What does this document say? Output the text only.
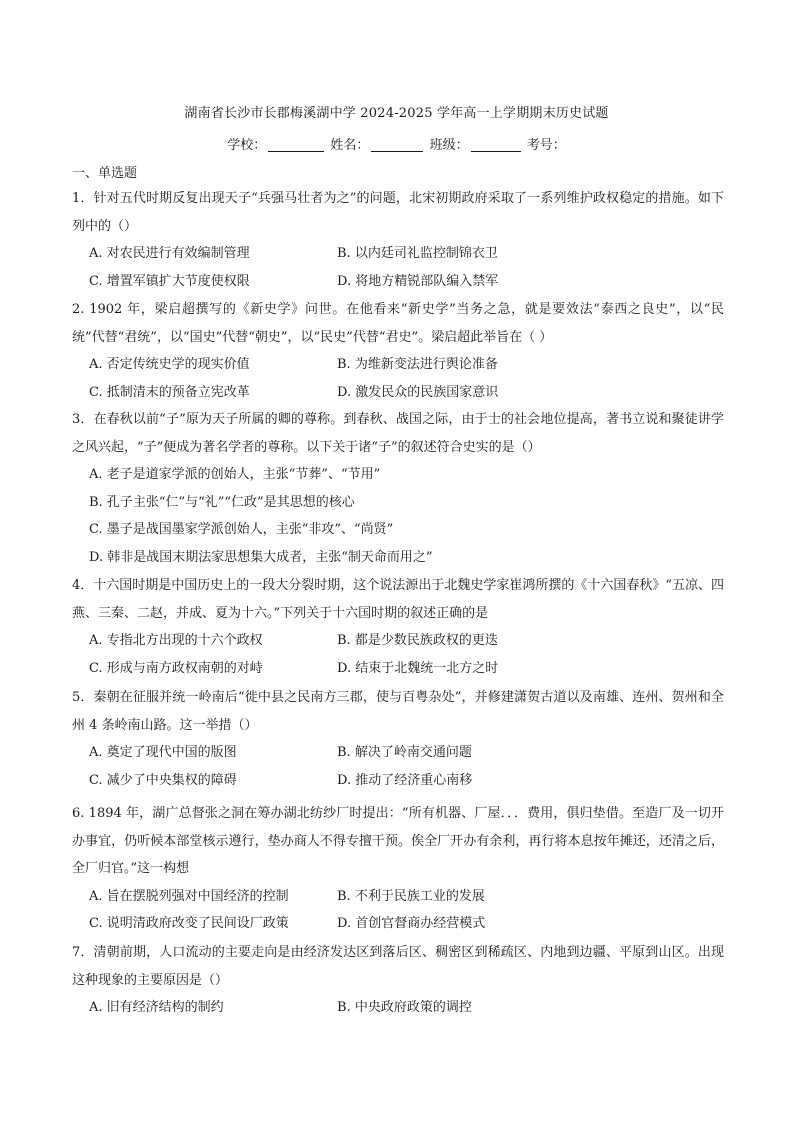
湖南省长沙市长郡梅溪湖中学 2024-2025 学年高一上学期期末历史试题
学校：	姓名：	班级：	考号：
一、单选题
1．针对五代时期反复出现天子“兵强马壮者为之”的问题，北宋初期政府采取了一系列维护政权稳定的措施。如下列中的（）
A. 对农民进行有效编制管理	B. 以内廷司礼监控制锦衣卫
C. 增置军镇扩大节度使权限	D. 将地方精锐部队编入禁军
2. 1902 年，梁启超撰写的《新史学》问世。在他看来“新史学”当务之急，就是要效法“泰西之良史”，以“民统”代替“君统”，以“国史”代替“朝史”，以“民史”代替“君史”。梁启超此举旨在（ ）
A. 否定传统史学的现实价值	B. 为维新变法进行舆论准备
C. 抵制清末的预备立宪改革	D. 激发民众的民族国家意识
3．在春秋以前“子”原为天子所属的卿的尊称。到春秋、战国之际，由于士的社会地位提高，著书立说和聚徒讲学之风兴起，“子”便成为著名学者的尊称。以下关于诸“子”的叙述符合史实的是（）
A. 老子是道家学派的创始人，主张“节葬”、“节用”
B. 孔子主张“仁”与“礼”“仁政”是其思想的核心
C. 墨子是战国墨家学派创始人，主张“非攻”、“尚贤”
D. 韩非是战国末期法家思想集大成者，主张“制天命而用之”
4．十六国时期是中国历史上的一段大分裂时期，这个说法源出于北魏史学家崔鸿所撰的《十六国春秋》“五凉、四燕、三秦、二赵，并成、夏为十六。”下列关于十六国时期的叙述正确的是
A. 专指北方出现的十六个政权	B. 都是少数民族政权的更迭
C. 形成与南方政权南朝的对峙	D. 结束于北魏统一北方之时
5．秦朝在征服并统一岭南后“徙中县之民南方三郡，使与百粤杂处”，并修建潇贺古道以及南雄、连州、贺州和全州 4 条岭南山路。这一举措（）
A. 奠定了现代中国的版图	B. 解决了岭南交通问题
C. 减少了中央集权的障碍	D. 推动了经济重心南移
6. 1894 年，湖广总督张之洞在筹办湖北纺纱厂时提出：“所有机器、厂屋．．．费用，俱归垫借。至造厂及一切开办事宜，仍听候本部堂核示遵行，垫办商人不得专擅干预。俟全厂开办有余利，再行将本息按年摊还，还清之后，全厂归官。”这一构想
A. 旨在摆脱列强对中国经济的控制	B. 不利于民族工业的发展
C. 说明清政府改变了民间设厂政策	D. 首创官督商办经营模式
7．清朝前期，人口流动的主要走向是由经济发达区到落后区、稠密区到稀疏区、内地到边疆、平原到山区。出现这种现象的主要原因是（）
A. 旧有经济结构的制约	B. 中央政府政策的调控
